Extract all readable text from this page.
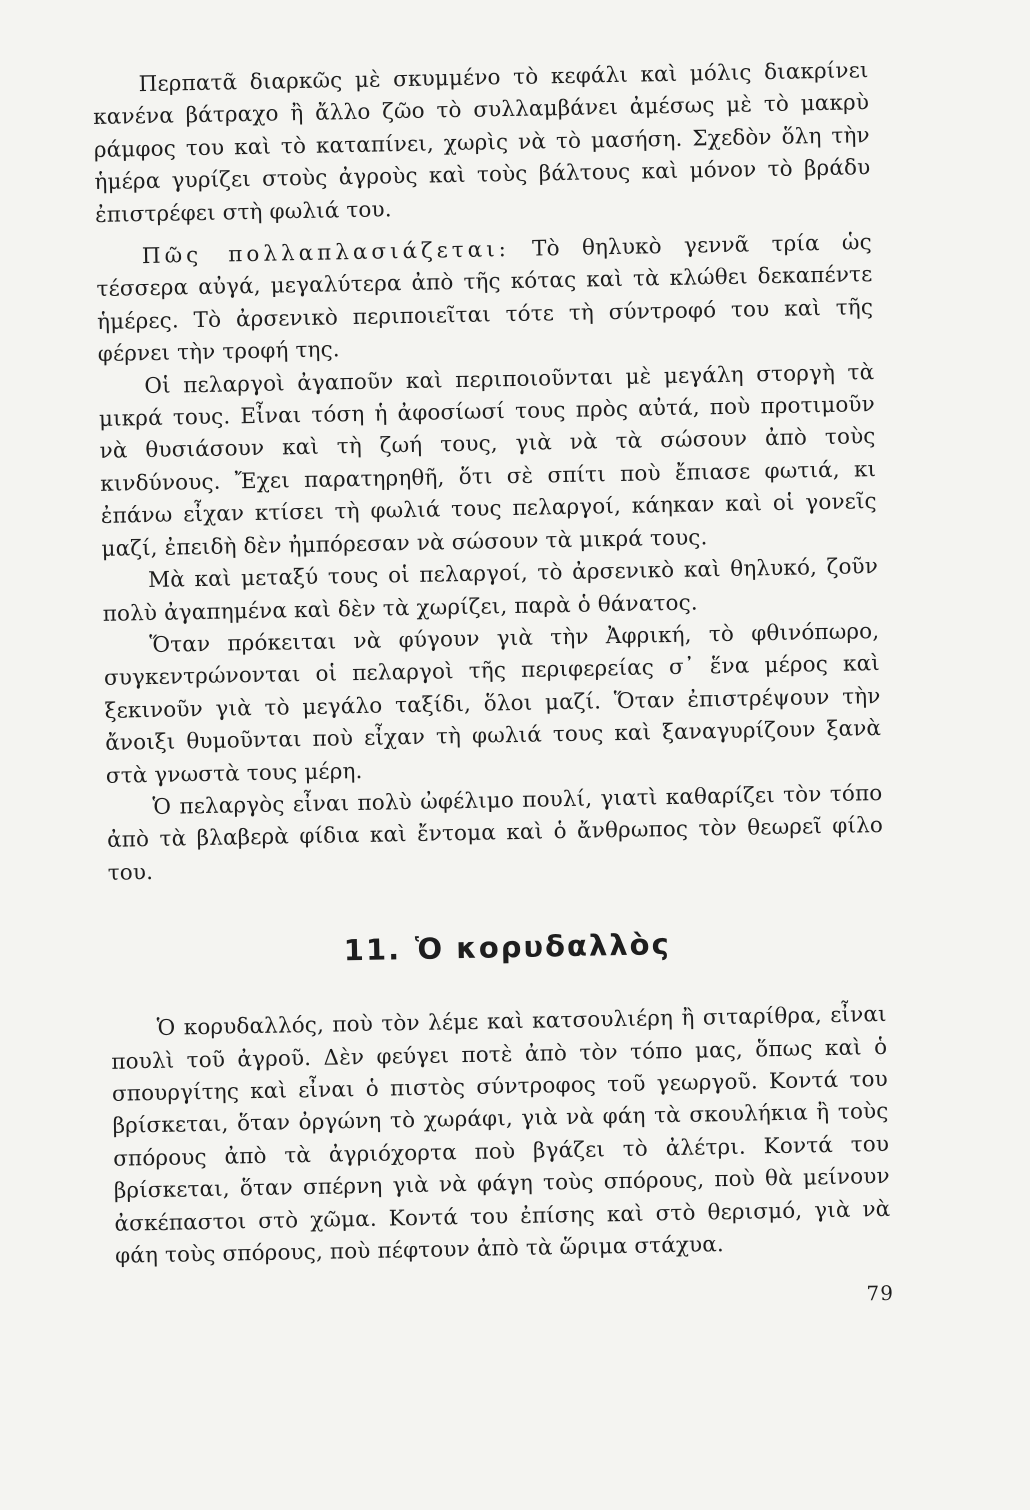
Περπατᾶ διαρκῶς μὲ σκυμμένο τὸ κεφάλι καὶ μόλις διακρίνει κανένα βάτραχο ἢ ἄλλο ζῶο τὸ συλλαμβάνει ἀμέσως μὲ τὸ μακρὺ ράμφος του καὶ τὸ καταπίνει, χωρὶς νὰ τὸ μασήση. Σχεδὸν ὅλη τὴν ἡμέρα γυρίζει στοὺς ἀγροὺς καὶ τοὺς βάλτους καὶ μόνον τὸ βράδυ ἐπιστρέφει στὴ φωλιά του.

Πῶς πολλαπλασιάζεται: Τὸ θηλυκὸ γεννᾶ τρία ὡς τέσσερα αὐγά, μεγαλύτερα ἀπὸ τῆς κότας καὶ τὰ κλώθει δεκαπέντε ἡμέρες. Τὸ ἀρσενικὸ περιποιεῖται τότε τὴ σύντροφό του καὶ τῆς φέρνει τὴν τροφή της.

Οἱ πελαργοὶ ἀγαποῦν καὶ περιποιοῦνται μὲ μεγάλη στοργὴ τὰ μικρά τους. Εἶναι τόση ἡ ἀφοσίωσί τους πρὸς αὐτά, ποὺ προτιμοῦν νὰ θυσιάσουν καὶ τὴ ζωή τους, γιὰ νὰ τὰ σώσουν ἀπὸ τοὺς κινδύνους. Ἔχει παρατηρηθῆ, ὅτι σὲ σπίτι ποὺ ἔπιασε φωτιά, κι ἐπάνω εἶχαν κτίσει τὴ φωλιά τους πελαργοί, κάηκαν καὶ οἱ γονεῖς μαζί, ἐπειδὴ δὲν ἠμπόρεσαν νὰ σώσουν τὰ μικρά τους.

Μὰ καὶ μεταξύ τους οἱ πελαργοί, τὸ ἀρσενικὸ καὶ θηλυκό, ζοῦν πολὺ ἀγαπημένα καὶ δὲν τὰ χωρίζει, παρὰ ὁ θάνατος.

Ὅταν πρόκειται νὰ φύγουν γιὰ τὴν Ἀφρική, τὸ φθινόπωρο, συγκεντρώνονται οἱ πελαργοὶ τῆς περιφερείας σ᾿ ἕνα μέρος καὶ ξεκινοῦν γιὰ τὸ μεγάλο ταξίδι, ὅλοι μαζί. Ὅταν ἐπιστρέψουν τὴν ἄνοιξι θυμοῦνται ποὺ εἶχαν τὴ φωλιά τους καὶ ξαναγυρίζουν ξανὰ στὰ γνωστὰ τους μέρη.

Ὁ πελαργὸς εἶναι πολὺ ὠφέλιμο πουλί, γιατὶ καθαρίζει τὸν τόπο ἀπὸ τὰ βλαβερὰ φίδια καὶ ἔντομα καὶ ὁ ἄνθρωπος τὸν θεωρεῖ φίλο του.

11. Ὁ κορυδαλλὸς

Ὁ κορυδαλλός, ποὺ τὸν λέμε καὶ κατσουλιέρη ἢ σιταρίθρα, εἶναι πουλὶ τοῦ ἀγροῦ. Δὲν φεύγει ποτὲ ἀπὸ τὸν τόπο μας, ὅπως καὶ ὁ σπουργίτης καὶ εἶναι ὁ πιστὸς σύντροφος τοῦ γεωργοῦ. Κοντά του βρίσκεται, ὅταν ὀργώνη τὸ χωράφι, γιὰ νὰ φάη τὰ σκουλήκια ἢ τοὺς σπόρους ἀπὸ τὰ ἀγριόχορτα ποὺ βγάζει τὸ ἀλέτρι. Κοντά του βρίσκεται, ὅταν σπέρνη γιὰ νὰ φάγη τοὺς σπόρους, ποὺ θὰ μείνουν ἀσκέπαστοι στὸ χῶμα. Κοντά του ἐπίσης καὶ στὸ θερισμό, γιὰ νὰ φάη τοὺς σπόρους, ποὺ πέφτουν ἀπὸ τὰ ὥριμα στάχυα.

79
